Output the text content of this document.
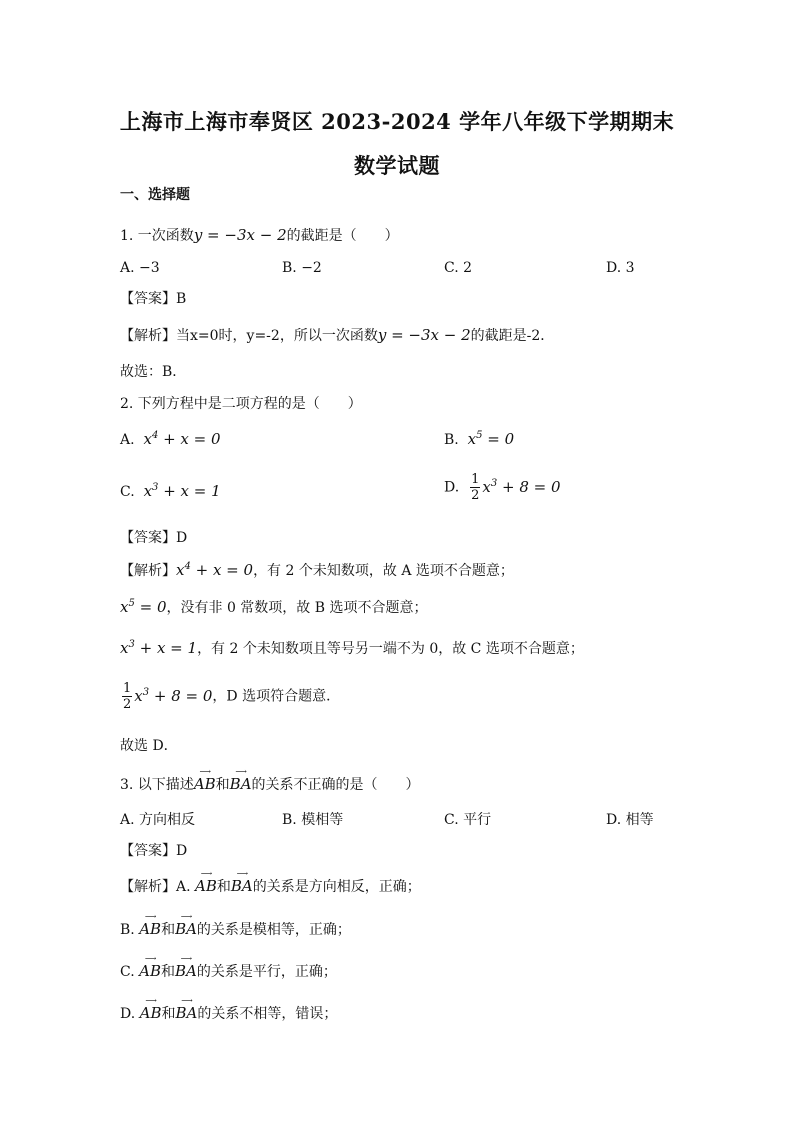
上海市上海市奉贤区 2023-2024 学年八年级下学期期末
数学试题
一、选择题
1. 一次函数y = −3x − 2的截距是（　　）
A. −3	B. −2	C. 2	D. 3
【答案】B
【解析】当x=0时，y=-2，所以一次函数y = −3x − 2的截距是-2．
故选：B．
2. 下列方程中是二项方程的是（　　）
A. $x^4 + x = 0$	B. $x^5 = 0$
C. $x^3 + x = 1$	D. $\frac{1}{2} x^3 + 8 = 0$
【答案】D
【解析】$x^4 + x = 0$，有 2 个未知数项，故 A 选项不合题意；
$x^5 = 0$，没有非 0 常数项，故 B 选项不合题意；
$x^3 + x = 1$，有 2 个未知数项且等号另一端不为 0，故 C 选项不合题意；
$\frac{1}{2} x^3 + 8 = 0$，D 选项符合题意．
故选 D．
3. 以下描述
⟶
AB和
⟶
BA的关系不正确的是（　　）
A. 方向相反	B. 模相等	C. 平行	D. 相等
【答案】D
【解析】A.
⟶
AB和
⟶
BA的关系是方向相反，正确；
B.
⟶
AB和
⟶
BA的关系是模相等，正确；
C.
⟶
AB和
⟶
BA的关系是平行，正确；
D.
⟶
AB和
⟶
BA的关系不相等，错误；
